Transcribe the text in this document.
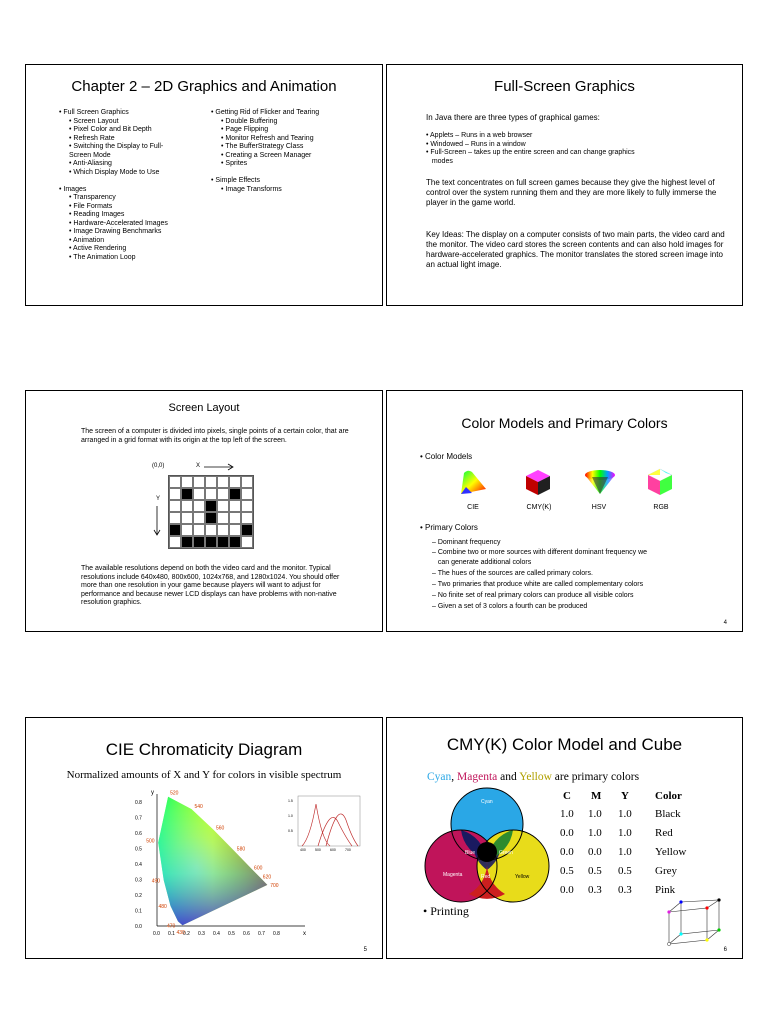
Chapter 2 – 2D Graphics and Animation
• Full Screen Graphics
• Screen Layout
• Pixel Color and Bit Depth
• Refresh Rate
• Switching the Display to Full-
Screen Mode
• Anti-Aliasing
• Which Display Mode to Use

• Images
• Transparency
• File Formats
• Reading Images
• Hardware-Accelerated Images
• Image Drawing Benchmarks
• Animation
• Active Rendering
• The Animation Loop
• Getting Rid of Flicker and Tearing
• Double Buffering
• Page Flipping
• Monitor Refresh and Tearing
• The BufferStrategy Class
• Creating a Screen Manager
• Sprites

• Simple Effects
• Image Transforms
Full-Screen Graphics
In Java there are three types of graphical games:
• Applets – Runs in a web browser
• Windowed – Runs in a window
• Full-Screen – takes up the entire screen and can change graphics
modes
The text concentrates on full screen games because they give the highest level of control over the system running them and they are more likely to fully immerse the player in the game world.
Key Ideas: The display on a computer consists of two main parts, the video card and the monitor. The video card stores the screen contents and can also hold images for hardware-accelerated graphics. The monitor translates the stored screen image into an actual light image.
Screen Layout
The screen of a computer is divided into pixels, single points of a certain color, that are arranged in a grid format with its origin at the top left of the screen.
(0,0)	X
Y
The available resolutions depend on both the video card and the monitor. Typical resolutions include 640x480, 800x600, 1024x768, and 1280x1024. You should offer more than one resolution in your game because players will want to adjust for performance and because newer LCD displays can have problems with non-native resolution graphics.
Color Models and Primary Colors
• Color Models
CIE	CMY(K)	HSV	RGB
• Primary Colors
– Dominant frequency
– Combine two or more sources with different dominant frequency we
can generate additional colors
– The hues of the sources are called primary colors.
– Two primaries that produce white are called complementary colors
– No finite set of real primary colors can produce all visible colors
– Given a set of 3 colors a fourth can be produced
4
CIE Chromaticity Diagram
Normalized amounts of X and Y for colors in visible spectrum
0.8
0.7
0.6
0.5
0.4
0.3
0.2
0.1
0.0
0.0 0.1 0.2 0.3 0.4 0.5 0.6 0.7 0.8
y
x
520
540
560
580
600
620
700
500
490
480
470
430
1.5
1.0
0.5
400	500	600	700
5
CMY(K) Color Model and Cube
Cyan, Magenta and Yellow are primary colors
Cyan
Magenta	Yellow
Blue	Green
Red
C M Y Color
1.0 1.0 1.0 Black
0.0 1.0 1.0 Red
0.0 0.0 1.0 Yellow
0.5 0.5 0.5 Grey
0.0 0.3 0.3 Pink
• Printing
6
